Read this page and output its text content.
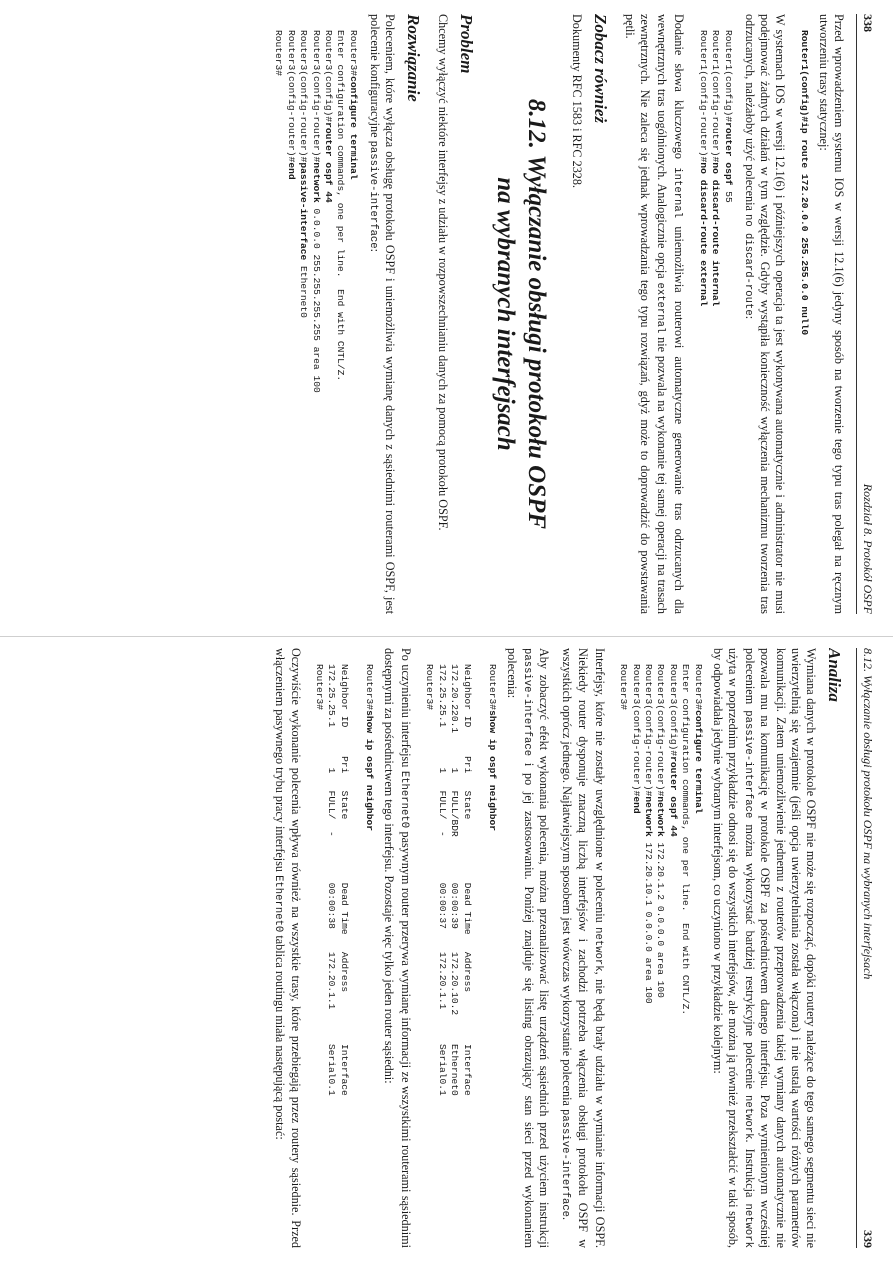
338
Rozdział 8. Protokół OSPF

Przed wprowadzeniem systemu IOS w wersji 12.1(6) jedyny sposób na tworzenie tego typu tras polegał na ręcznym utworzeniu trasy statycznej:

Router1(config)#ip route 172.20.0.0 255.255.0.0 null0

W systemach IOS w wersji 12.1(6) i późniejszych operacja ta jest wykonywana automatycznie i administrator nie musi podejmować żadnych działań w tym względzie. Gdyby wystąpiła konieczność wyłączenia mechanizmu tworzenia tras odrzucanych, należałoby użyć polecenia no discard-route:

Router1(config)#router ospf 55
Router1(config-router)#no discard-route internal
Router1(config-router)#no discard-route external

Dodanie słowa kluczowego internal uniemożliwia routerowi automatyczne generowanie tras odrzucanych dla wewnętrznych tras uogólnionych. Analogicznie opcja external nie pozwala na wykonanie tej samej operacji na trasach zewnętrznych. Nie zaleca się jednak wprowadzania tego typu rozwiązań, gdyż może to doprowadzić do powstawania pętli.

Zobacz również

Dokumenty RFC 1583 i RFC 2328.

8.12. Wyłączanie obsługi protokołu OSPF
na wybranych interfejsach
Problem

Chcemy wyłączyć niektóre interfejsy z udziału w rozpowszechnianiu danych za pomocą protokołu OSPF.

Rozwiązanie

Poleceniem, które wyłącza obsługę protokołu OSPF i uniemożliwia wymianę danych z sąsiednimi routerami OSPF, jest polecenie konfiguracyjne passive-interface:

Router3#configure terminal
Enter configuration commands, one per line.  End with CNTL/Z.
Router3(config)#router ospf 44
Router3(config-router)#network 0.0.0.0 255.255.255.255 area 100
Router3(config-router)#passive-interface Ethernet0
Router3(config-router)#end
Router3#
8.12. Wyłączanie obsługi protokołu OSPF na wybranych interfejsach
339
Analiza

Wymiana danych w protokole OSPF nie może się rozpocząć, dopóki routery należące do tego samego segmentu sieci nie uwierzytelnią się wzajemnie (jeśli opcja uwierzytelniania została włączona) i nie ustalą wartości różnych parametrów komunikacji. Zatem uniemożliwienie jednemu z routerów przeprowadzenia takiej wymiany danych automatycznie nie pozwala mu na komunikację w protokole OSPF za pośrednictwem danego interfejsu. Poza wymienionym wcześniej poleceniem passive-interface można wykorzystać bardziej restrykcyjne polecenie network. Instrukcja network użyta w poprzednim przykładzie odnosi się do wszystkich interfejsów, ale można ją również przekształcić w taki sposób, by odpowiadała jedynie wybranym interfejsom, co uczyniono w przykładzie kolejnym:

Router3#configure terminal
Enter configuration commands, one per line.  End with CNTL/Z.
Router3(config)#router ospf 44
Router3(config-router)#network 172.20.1.2 0.0.0.0 area 100
Router3(config-router)#network 172.20.10.1 0.0.0.0 area 100
Router3(config-router)#end
Router3#

Interfejsy, które nie zostały uwzględnione w poleceniu network, nie będą brały udziału w wymianie informacji OSPF. Niekiedy router dysponuje znaczną liczbą interfejsów i zachodzi potrzeba włączenia obsługi protokołu OSPF w wszystkich oprócz jednego. Najłatwiejszym sposobem jest wówczas wykorzystanie polecenia passive-interface.

Aby zobaczyć efekt wykonania polecenia, można przeanalizować listę urządzeń sąsiednich przed użyciem instrukcji passive-interface i po jej zastosowaniu. Poniżej znajduje się listing obrazujący stan sieci przed wykonaniem polecenia:

Router3#show ip ospf neighbor

Neighbor ID     Pri   State           Dead Time   Address         Interface
172.20.220.1      1   FULL/BDR        00:00:39    172.20.10.2     Ethernet0
172.25.25.1       1   FULL/  -        00:00:37    172.20.1.1      Serial0.1
Router3#

Po uczynieniu interfejsu Ethernet0 pasywnym router przerywa wymianę informacji ze wszystkimi routerami sąsiednimi dostępnymi za pośrednictwem tego interfejsu. Pozostaje więc tylko jeden router sąsiedni:

Router3#show ip ospf neighbor

Neighbor ID     Pri   State           Dead Time   Address         Interface
172.25.25.1       1   FULL/  -        00:00:38    172.20.1.1      Serial0.1
Router3#

Oczywiście wykonanie polecenia wpływa również na wszystkie trasy, które przebiegają przez routery sąsiednie. Przed włączeniem pasywnego trybu pracy interfejsu Ethernet0 tablica routingu miała następującą postać:
